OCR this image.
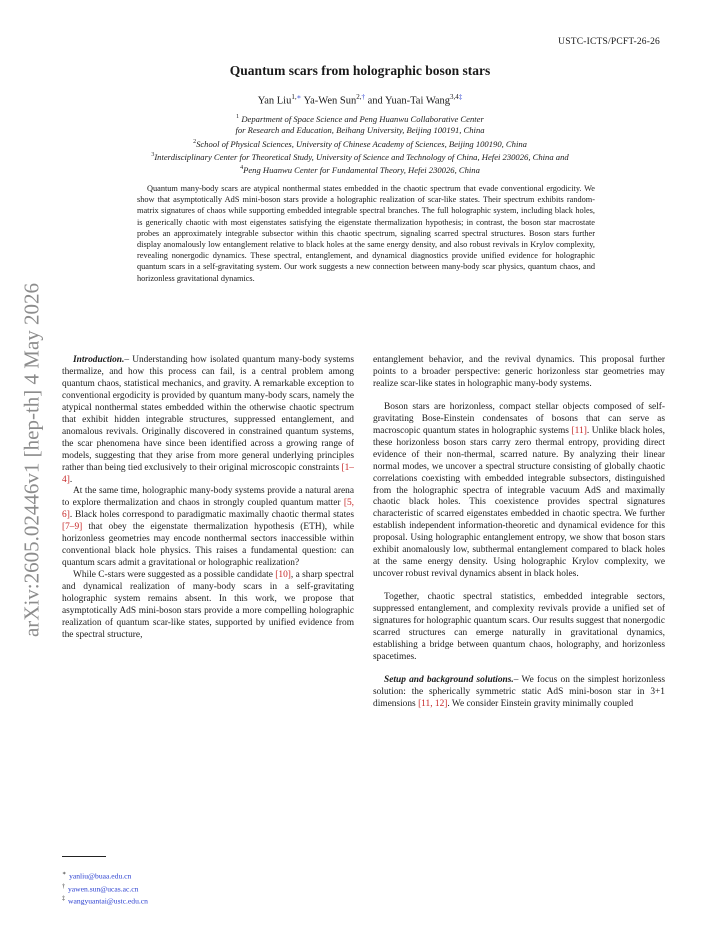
USTC-ICTS/PCFT-26-26
arXiv:2605.02446v1 [hep-th] 4 May 2026
Quantum scars from holographic boson stars
Yan Liu$^{1,∗}$ Ya-Wen Sun$^{2,\dagger}$ and Yuan-Tai Wang$^{3,4\ddagger}$
$^1$ Department of Space Science and Peng Huanwu Collaborative Center
for Research and Education, Beihang University, Beijing 100191, China
$^2$School of Physical Sciences, University of Chinese Academy of Sciences, Beijing 100190, China
$^3$Interdisciplinary Center for Theoretical Study, University of Science and Technology of China, Hefei 230026, China and
$^4$Peng Huanwu Center for Fundamental Theory, Hefei 230026, China

Quantum many-body scars are atypical nonthermal states embedded in the chaotic spectrum that evade conventional ergodicity. We show that asymptotically AdS mini-boson stars provide a holographic realization of scar-like states. Their spectrum exhibits random-matrix signatures of chaos while supporting embedded integrable spectral branches. The full holographic system, including black holes, is generically chaotic with most eigenstates satisfying the eigenstate thermalization hypothesis; in contrast, the boson star macrostate probes an approximately integrable subsector within this chaotic spectrum, signaling scarred spectral structures. Boson stars further display anomalously low entanglement relative to black holes at the same energy density, and also robust revivals in Krylov complexity, revealing nonergodic dynamics. These spectral, entanglement, and dynamical diagnostics provide unified evidence for holographic quantum scars in a self-gravitating system. Our work suggests a new connection between many-body scar physics, quantum chaos, and horizonless gravitational dynamics.

Introduction.– Understanding how isolated quantum many-body systems thermalize, and how this process can fail, is a central problem among quantum chaos, statistical mechanics, and gravity. A remarkable exception to conventional ergodicity is provided by quantum many-body scars, namely the atypical nonthermal states embedded within the otherwise chaotic spectrum that exhibit hidden integrable structures, suppressed entanglement, and anomalous revivals. Originally discovered in constrained quantum systems, the scar phenomena have since been identified across a growing range of models, suggesting that they arise from more general underlying principles rather than being tied exclusively to their original microscopic constraints [1–4].

At the same time, holographic many-body systems provide a natural arena to explore thermalization and chaos in strongly coupled quantum matter [5, 6]. Black holes correspond to paradigmatic maximally chaotic thermal states [7–9] that obey the eigenstate thermalization hypothesis (ETH), while horizonless geometries may encode nonthermal sectors inaccessible within conventional black hole physics. This raises a fundamental question: can quantum scars admit a gravitational or holographic realization?

While C-stars were suggested as a possible candidate [10], a sharp spectral and dynamical realization of many-body scars in a self-gravitating holographic system remains absent. In this work, we propose that asymptotically AdS mini-boson stars provide a more compelling holographic realization of quantum scar-like states, supported by unified evidence from the spectral structure,

entanglement behavior, and the revival dynamics. This proposal further points to a broader perspective: generic horizonless star geometries may realize scar-like states in holographic many-body systems.

Boson stars are horizonless, compact stellar objects composed of self-gravitating Bose-Einstein condensates of bosons that can serve as macroscopic quantum states in holographic systems [11]. Unlike black holes, these horizonless boson stars carry zero thermal entropy, providing direct evidence of their non-thermal, scarred nature. By analyzing their linear normal modes, we uncover a spectral structure consisting of globally chaotic correlations coexisting with embedded integrable subsectors, distinguished from the holographic spectra of integrable vacuum AdS and maximally chaotic black holes. This coexistence provides spectral signatures characteristic of scarred eigenstates embedded in chaotic spectra. We further establish independent information-theoretic and dynamical evidence for this proposal. Using holographic entanglement entropy, we show that boson stars exhibit anomalously low, subthermal entanglement compared to black holes at the same energy density. Using holographic Krylov complexity, we uncover robust revival dynamics absent in black holes.

Together, chaotic spectral statistics, embedded integrable sectors, suppressed entanglement, and complexity revivals provide a unified set of signatures for holographic quantum scars. Our results suggest that nonergodic scarred structures can emerge naturally in gravitational dynamics, establishing a bridge between quantum chaos, holography, and horizonless spacetimes.

Setup and background solutions.– We focus on the simplest horizonless solution: the spherically symmetric static AdS mini-boson star in 3+1 dimensions [11, 12]. We consider Einstein gravity minimally coupled

∗ yanliu@buaa.edu.cn
† yawen.sun@ucas.ac.cn
‡ wangyuantai@ustc.edu.cn
